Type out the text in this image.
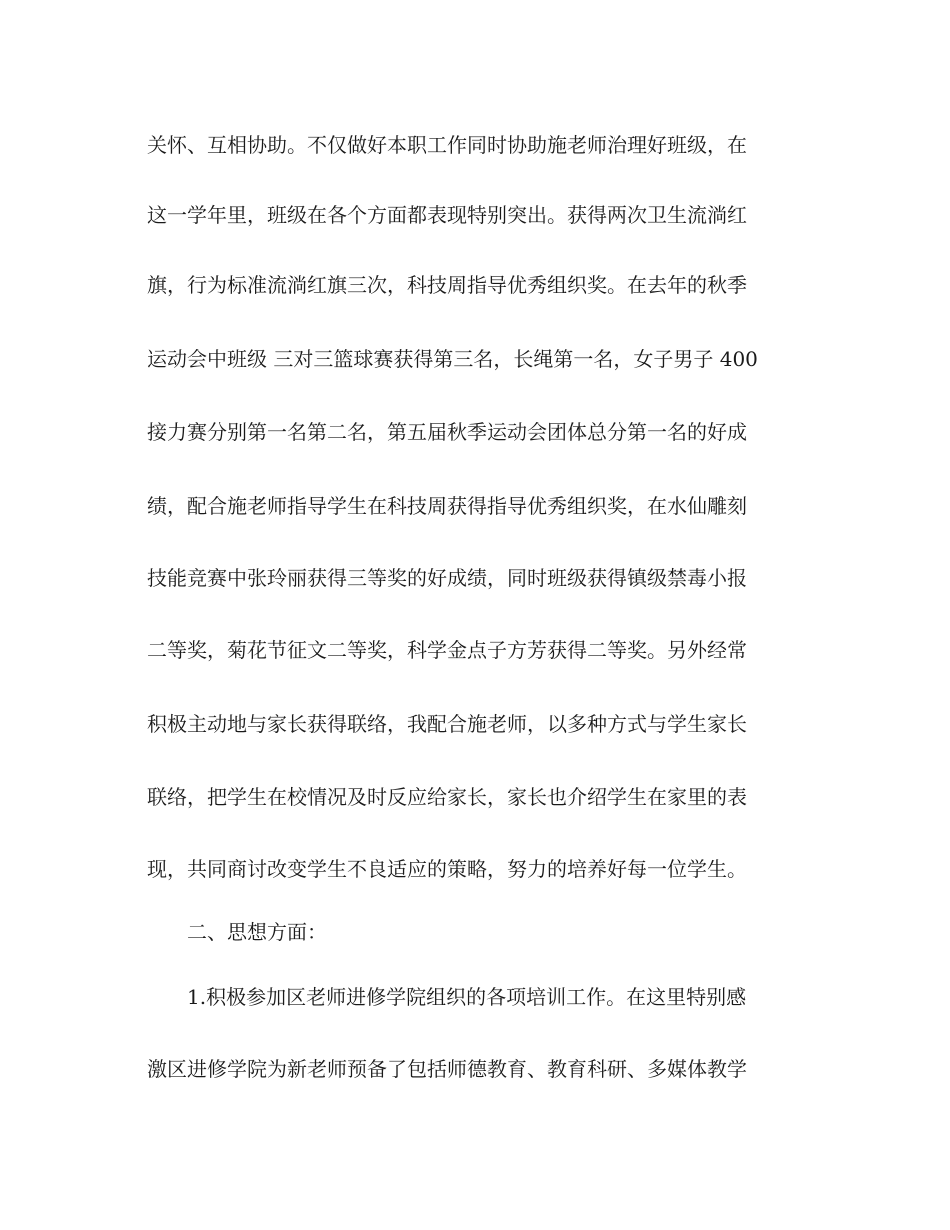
关怀、互相协助。不仅做好本职工作同时协助施老师治理好班级，在
这一学年里，班级在各个方面都表现特别突出。获得两次卫生流淌红
旗，行为标准流淌红旗三次，科技周指导优秀组织奖。在去年的秋季
运动会中班级 三对三篮球赛获得第三名，长绳第一名，女子男子 400
接力赛分别第一名第二名，第五届秋季运动会团体总分第一名的好成
绩，配合施老师指导学生在科技周获得指导优秀组织奖，在水仙雕刻
技能竞赛中张玲丽获得三等奖的好成绩，同时班级获得镇级禁毒小报
二等奖，菊花节征文二等奖，科学金点子方芳获得二等奖。另外经常
积极主动地与家长获得联络，我配合施老师，以多种方式与学生家长
联络，把学生在校情况及时反应给家长，家长也介绍学生在家里的表
现，共同商讨改变学生不良适应的策略，努力的培养好每一位学生。
二、思想方面：
1.积极参加区老师进修学院组织的各项培训工作。在这里特别感
激区进修学院为新老师预备了包括师德教育、教育科研、多媒体教学
